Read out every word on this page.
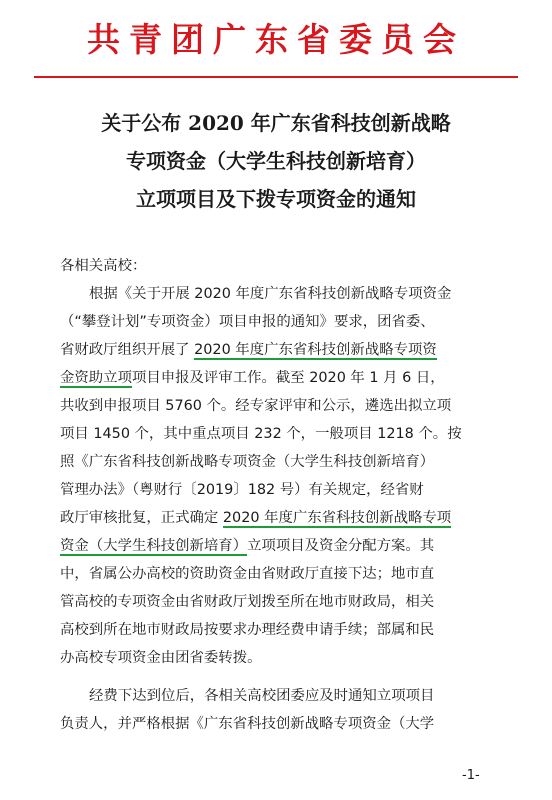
共青团广东省委员会
关于公布 2020 年广东省科技创新战略
专项资金（大学生科技创新培育）
立项项目及下拨专项资金的通知
各相关高校：
根据《关于开展 2020 年度广东省科技创新战略专项资金
（“攀登计划”专项资金）项目申报的通知》要求，团省委、
省财政厅组织开展了 2020 年度广东省科技创新战略专项资
金资助立项项目申报及评审工作。截至 2020 年 1 月 6 日，
共收到申报项目 5760 个。经专家评审和公示，遴选出拟立项
项目 1450 个，其中重点项目 232 个，一般项目 1218 个。按
照《广东省科技创新战略专项资金（大学生科技创新培育）
管理办法》（粤财行〔2019〕182 号）有关规定，经省财
政厅审核批复，正式确定 2020 年度广东省科技创新战略专项
资金（大学生科技创新培育）立项项目及资金分配方案。其
中，省属公办高校的资助资金由省财政厅直接下达；地市直
管高校的专项资金由省财政厅划拨至所在地市财政局，相关
高校到所在地市财政局按要求办理经费申请手续；部属和民
办高校专项资金由团省委转拨。
经费下达到位后，各相关高校团委应及时通知立项项目
负责人，并严格根据《广东省科技创新战略专项资金（大学
-1-
